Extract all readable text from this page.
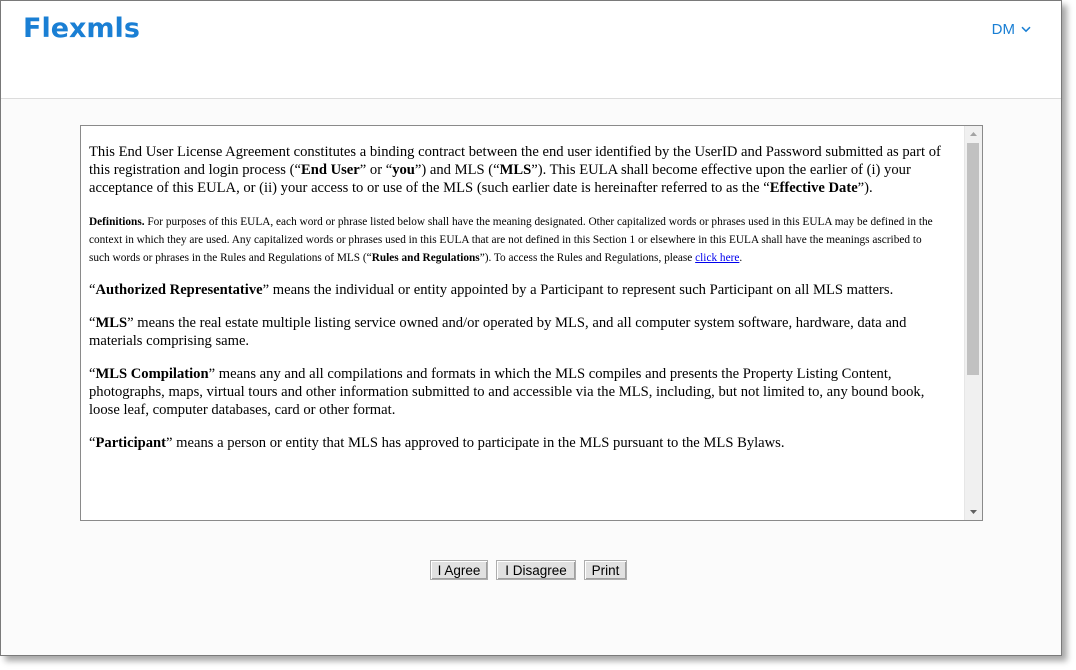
Flexmls	DM

This End User License Agreement constitutes a binding contract between the end user identified by the UserID and Password submitted as part of this registration and login process (“End User” or “you”) and MLS (“MLS”). This EULA shall become effective upon the earlier of (i) your acceptance of this EULA, or (ii) your access to or use of the MLS (such earlier date is hereinafter referred to as the “Effective Date”).

Definitions. For purposes of this EULA, each word or phrase listed below shall have the meaning designated. Other capitalized words or phrases used in this EULA may be defined in the context in which they are used. Any capitalized words or phrases used in this EULA that are not defined in this Section 1 or elsewhere in this EULA shall have the meanings ascribed to such words or phrases in the Rules and Regulations of MLS (“Rules and Regulations”). To access the Rules and Regulations, please click here.

“Authorized Representative” means the individual or entity appointed by a Participant to represent such Participant on all MLS matters.

“MLS” means the real estate multiple listing service owned and/or operated by MLS, and all computer system software, hardware, data and materials comprising same.

“MLS Compilation” means any and all compilations and formats in which the MLS compiles and presents the Property Listing Content, photographs, maps, virtual tours and other information submitted to and accessible via the MLS, including, but not limited to, any bound book, loose leaf, computer databases, card or other format.

“Participant” means a person or entity that MLS has approved to participate in the MLS pursuant to the MLS Bylaws.

I Agree	I Disagree	Print
